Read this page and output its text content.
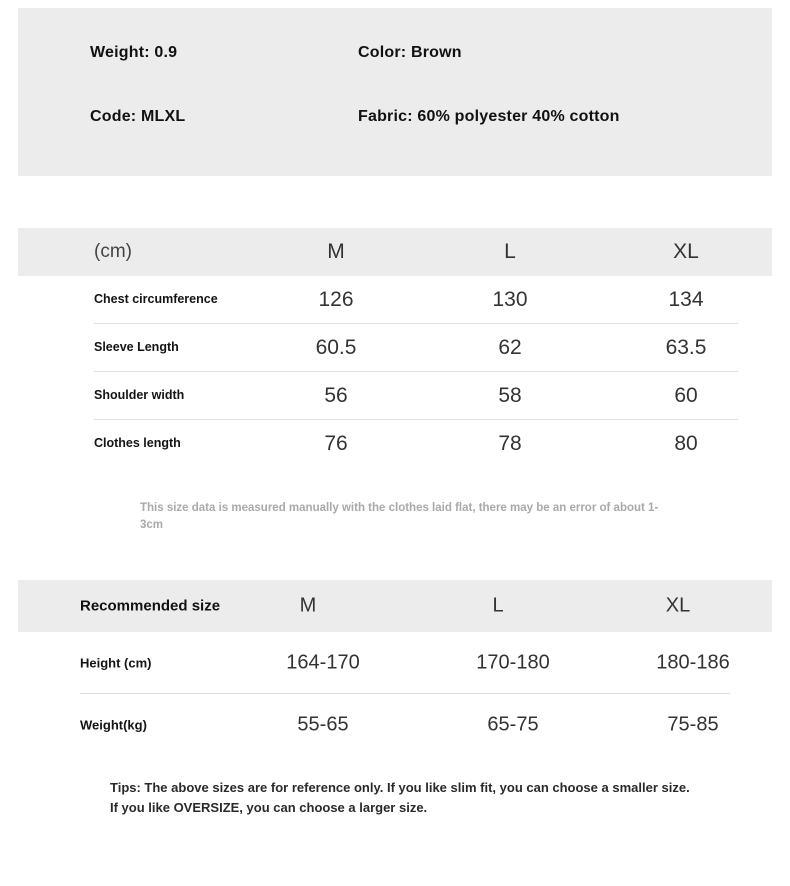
Weight: 0.9	Color: Brown
Code: MLXL	Fabric: 60% polyester 40% cotton
(cm)	M	L	XL
Chest circumference	126	130	134
Sleeve Length	60.5	62	63.5
Shoulder width	56	58	60
Clothes length	76	78	80
This size data is measured manually with the clothes laid flat, there may be an error of about 1-3cm
Recommended size	M	L	XL
Height (cm)	164-170	170-180	180-186
Weight(kg)	55-65	65-75	75-85
Tips: The above sizes are for reference only. If you like slim fit, you can choose a smaller size. If you like OVERSIZE, you can choose a larger size.
